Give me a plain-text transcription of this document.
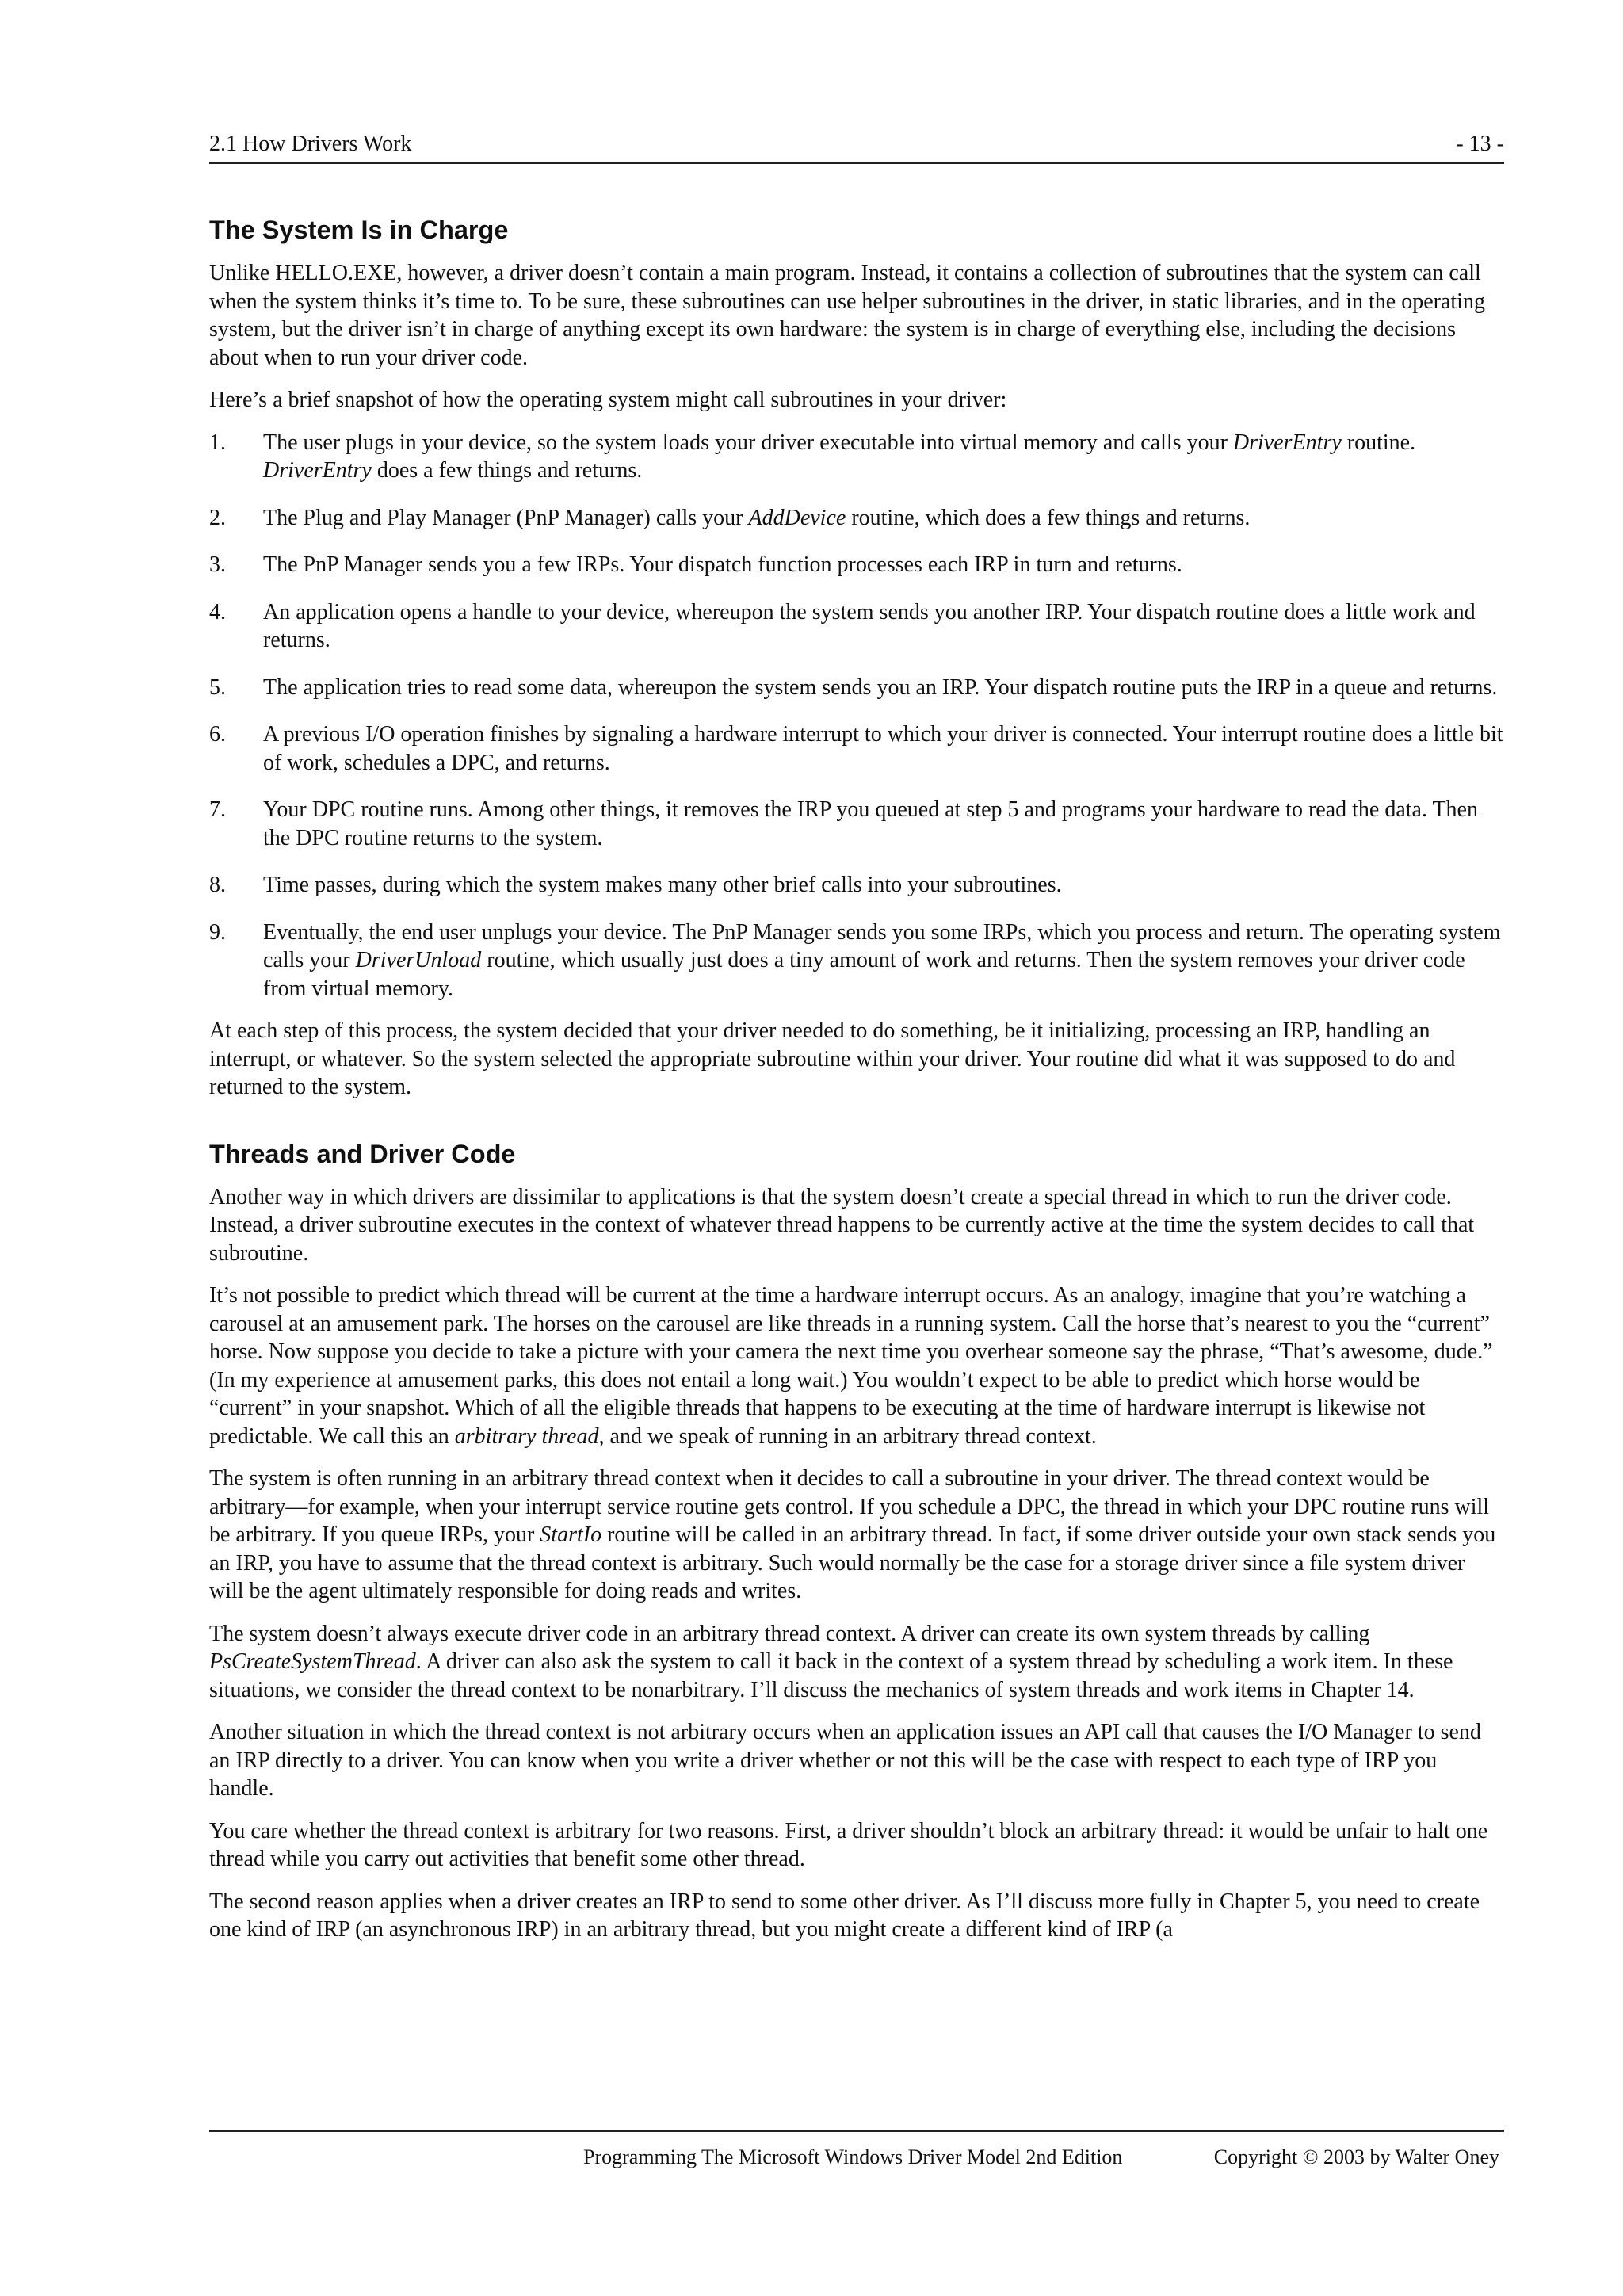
2.1 How Drivers Work	- 13 -
The System Is in Charge

Unlike HELLO.EXE, however, a driver doesn’t contain a main program. Instead, it contains a collection of subroutines that the system can call when the system thinks it’s time to. To be sure, these subroutines can use helper subroutines in the driver, in static libraries, and in the operating system, but the driver isn’t in charge of anything except its own hardware: the system is in charge of everything else, including the decisions about when to run your driver code.

Here’s a brief snapshot of how the operating system might call subroutines in your driver:

1. The user plugs in your device, so the system loads your driver executable into virtual memory and calls your DriverEntry routine. DriverEntry does a few things and returns.
2. The Plug and Play Manager (PnP Manager) calls your AddDevice routine, which does a few things and returns.
3. The PnP Manager sends you a few IRPs. Your dispatch function processes each IRP in turn and returns.
4. An application opens a handle to your device, whereupon the system sends you another IRP. Your dispatch routine does a little work and returns.
5. The application tries to read some data, whereupon the system sends you an IRP. Your dispatch routine puts the IRP in a queue and returns.
6. A previous I/O operation finishes by signaling a hardware interrupt to which your driver is connected. Your interrupt routine does a little bit of work, schedules a DPC, and returns.
7. Your DPC routine runs. Among other things, it removes the IRP you queued at step 5 and programs your hardware to read the data. Then the DPC routine returns to the system.
8. Time passes, during which the system makes many other brief calls into your subroutines.
9. Eventually, the end user unplugs your device. The PnP Manager sends you some IRPs, which you process and return. The operating system calls your DriverUnload routine, which usually just does a tiny amount of work and returns. Then the system removes your driver code from virtual memory.

At each step of this process, the system decided that your driver needed to do something, be it initializing, processing an IRP, handling an interrupt, or whatever. So the system selected the appropriate subroutine within your driver. Your routine did what it was supposed to do and returned to the system.

Threads and Driver Code

Another way in which drivers are dissimilar to applications is that the system doesn’t create a special thread in which to run the driver code. Instead, a driver subroutine executes in the context of whatever thread happens to be currently active at the time the system decides to call that subroutine.

It’s not possible to predict which thread will be current at the time a hardware interrupt occurs. As an analogy, imagine that you’re watching a carousel at an amusement park. The horses on the carousel are like threads in a running system. Call the horse that’s nearest to you the “current” horse. Now suppose you decide to take a picture with your camera the next time you overhear someone say the phrase, “That’s awesome, dude.” (In my experience at amusement parks, this does not entail a long wait.) You wouldn’t expect to be able to predict which horse would be “current” in your snapshot. Which of all the eligible threads that happens to be executing at the time of hardware interrupt is likewise not predictable. We call this an arbitrary thread, and we speak of running in an arbitrary thread context.

The system is often running in an arbitrary thread context when it decides to call a subroutine in your driver. The thread context would be arbitrary—for example, when your interrupt service routine gets control. If you schedule a DPC, the thread in which your DPC routine runs will be arbitrary. If you queue IRPs, your StartIo routine will be called in an arbitrary thread. In fact, if some driver outside your own stack sends you an IRP, you have to assume that the thread context is arbitrary. Such would normally be the case for a storage driver since a file system driver will be the agent ultimately responsible for doing reads and writes.

The system doesn’t always execute driver code in an arbitrary thread context. A driver can create its own system threads by calling PsCreateSystemThread. A driver can also ask the system to call it back in the context of a system thread by scheduling a work item. In these situations, we consider the thread context to be nonarbitrary. I’ll discuss the mechanics of system threads and work items in Chapter 14.

Another situation in which the thread context is not arbitrary occurs when an application issues an API call that causes the I/O Manager to send an IRP directly to a driver. You can know when you write a driver whether or not this will be the case with respect to each type of IRP you handle.

You care whether the thread context is arbitrary for two reasons. First, a driver shouldn’t block an arbitrary thread: it would be unfair to halt one thread while you carry out activities that benefit some other thread.

The second reason applies when a driver creates an IRP to send to some other driver. As I’ll discuss more fully in Chapter 5, you need to create one kind of IRP (an asynchronous IRP) in an arbitrary thread, but you might create a different kind of IRP (a

Programming The Microsoft Windows Driver Model 2nd Edition	Copyright © 2003 by Walter Oney
